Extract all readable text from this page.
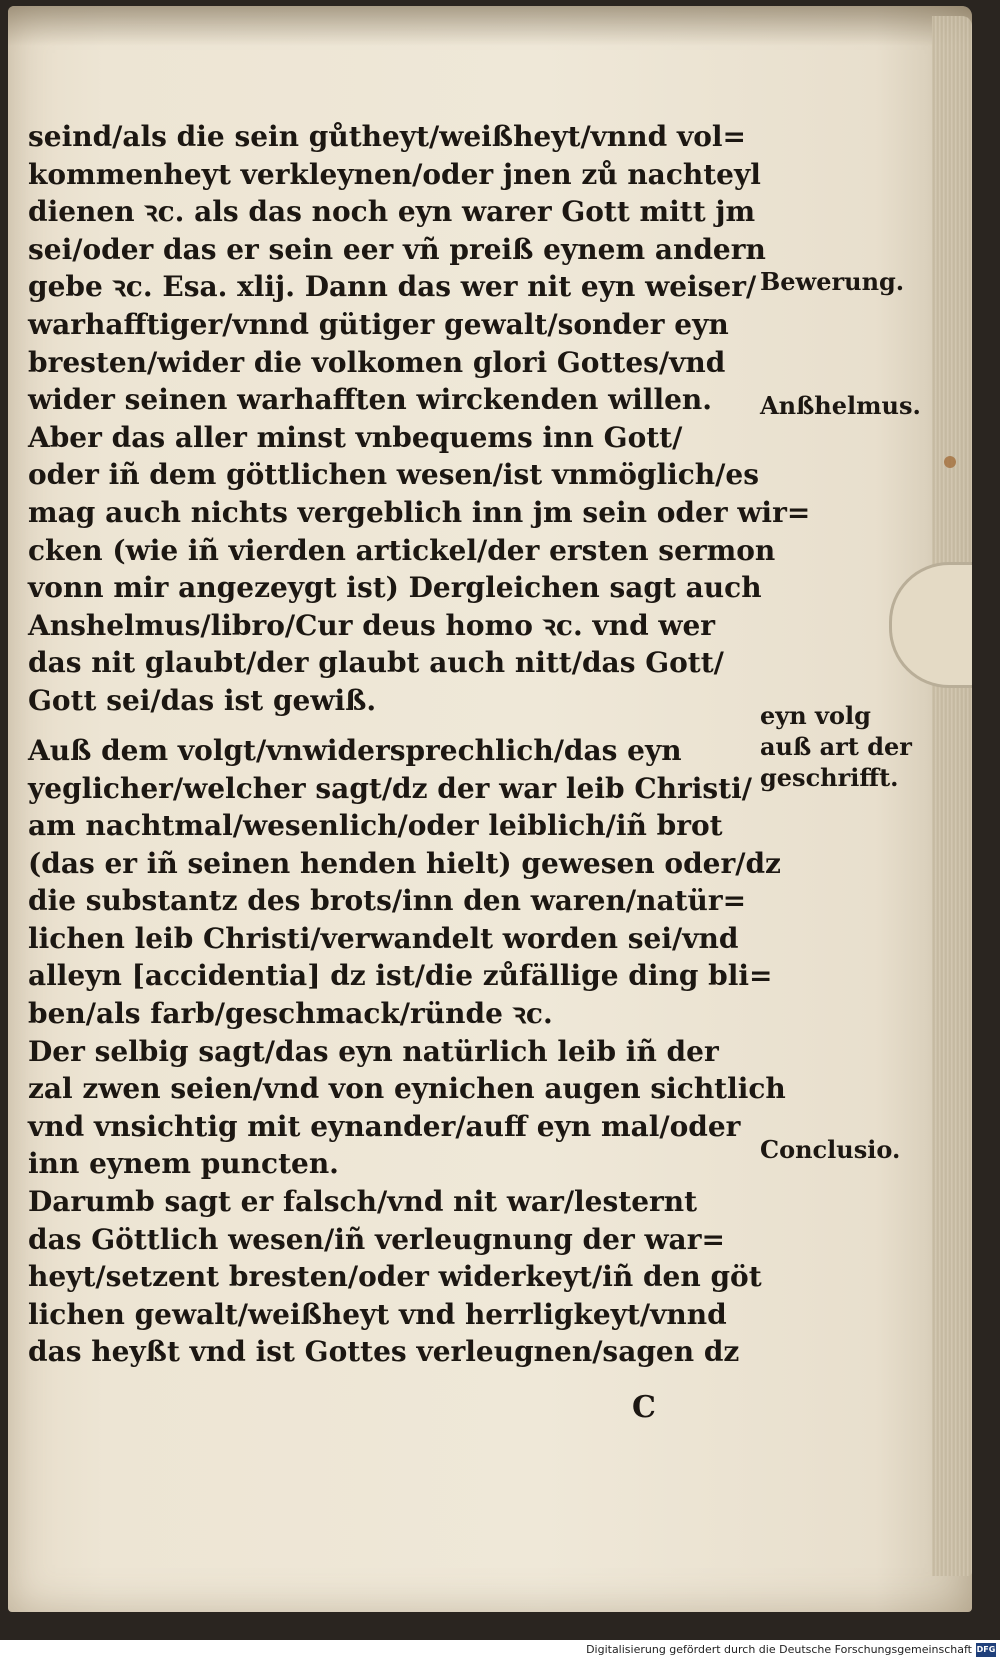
seind/als die sein gůtheyt/weißheyt/vnnd vol=
kommenheyt verkleynen/oder jnen zů nachteyl
dienen ꝛc. als das noch eyn warer Gott mitt jm
sei/oder das er sein eer vñ preiß eynem andern
gebe ꝛc. Esa. xlij. Dann das wer nit eyn weiser/
warhafftiger/vnnd gütiger gewalt/sonder eyn
bresten/wider die volkomen glori Gottes/vnd
wider seinen warhafften wirckenden willen.
Aber das aller minst vnbequems inn Gott/
oder iñ dem göttlichen wesen/ist vnmöglich/es
mag auch nichts vergeblich inn jm sein oder wir=
cken (wie iñ vierden artickel/der ersten sermon
vonn mir angezeygt ist) Dergleichen sagt auch
Anshelmus/libro/Cur deus homo ꝛc. vnd wer
das nit glaubt/der glaubt auch nitt/das Gott/
Gott sei/das ist gewiß.
Auß dem volgt/vnwidersprechlich/das eyn
yeglicher/welcher sagt/dz der war leib Christi/
am nachtmal/wesenlich/oder leiblich/iñ brot
(das er iñ seinen henden hielt) gewesen oder/dz
die substantz des brots/inn den waren/natür=
lichen leib Christi/verwandelt worden sei/vnd
alleyn [accidentia] dz ist/die zůfällige ding bli=
ben/als farb/geschmack/ründe ꝛc.
Der selbig sagt/das eyn natürlich leib iñ der
zal zwen seien/vnd von eynichen augen sichtlich
vnd vnsichtig mit eynander/auff eyn mal/oder
inn eynem puncten.
Darumb sagt er falsch/vnd nit war/lesternt
das Göttlich wesen/iñ verleugnung der war=
heyt/setzent bresten/oder widerkeyt/iñ den göt
lichen gewalt/weißheyt vnd herrligkeyt/vnnd
das heyßt vnd ist Gottes verleugnen/sagen dz
Bewerung.
Anßhelmus.
eyn volg
auß art der
geschrifft.
Conclusio.
C
Digitalisierung gefördert durch die Deutsche Forschungsgemeinschaft DFG
